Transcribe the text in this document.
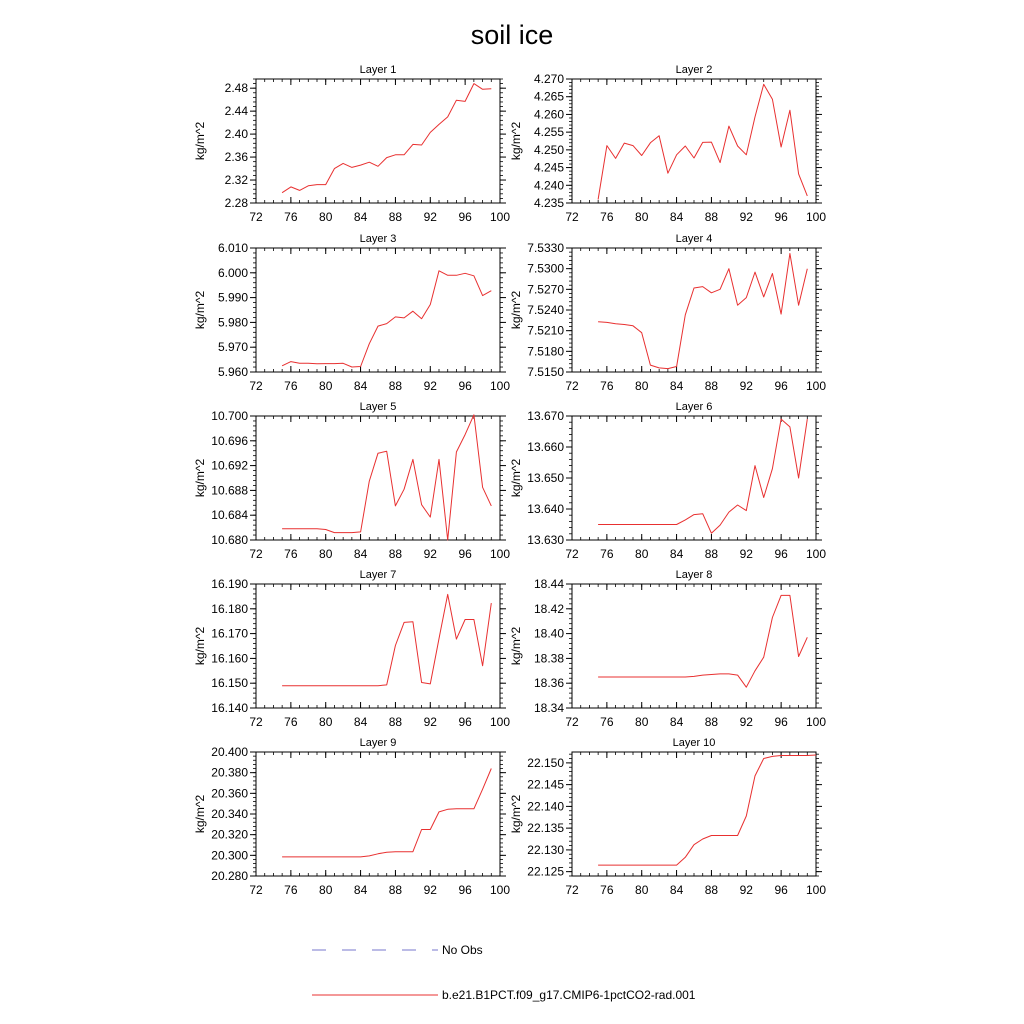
soil ice
Layer 1
kg/m^2
72 76 80 84 88 92 96 100
2.28
2.32
2.36
2.40
2.44
2.48
Layer 2
kg/m^2
72 76 80 84 88 92 96 100
4.235
4.240
4.245
4.250
4.255
4.260
4.265
4.270
Layer 3
kg/m^2
72 76 80 84 88 92 96 100
5.960
5.970
5.980
5.990
6.000
6.010
Layer 4
kg/m^2
72 76 80 84 88 92 96 100
7.5150
7.5180
7.5210
7.5240
7.5270
7.5300
7.5330
Layer 5
kg/m^2
72 76 80 84 88 92 96 100
10.680
10.684
10.688
10.692
10.696
10.700
Layer 6
kg/m^2
72 76 80 84 88 92 96 100
13.630
13.640
13.650
13.660
13.670
Layer 7
kg/m^2
72 76 80 84 88 92 96 100
16.140
16.150
16.160
16.170
16.180
16.190
Layer 8
kg/m^2
72 76 80 84 88 92 96 100
18.34
18.36
18.38
18.40
18.42
18.44
Layer 9
kg/m^2
72 76 80 84 88 92 96 100
20.280
20.300
20.320
20.340
20.360
20.380
20.400
Layer 10
kg/m^2
72 76 80 84 88 92 96 100
22.125
22.130
22.135
22.140
22.145
22.150
No Obs
b.e21.B1PCT.f09_g17.CMIP6-1pctCO2-rad.001
